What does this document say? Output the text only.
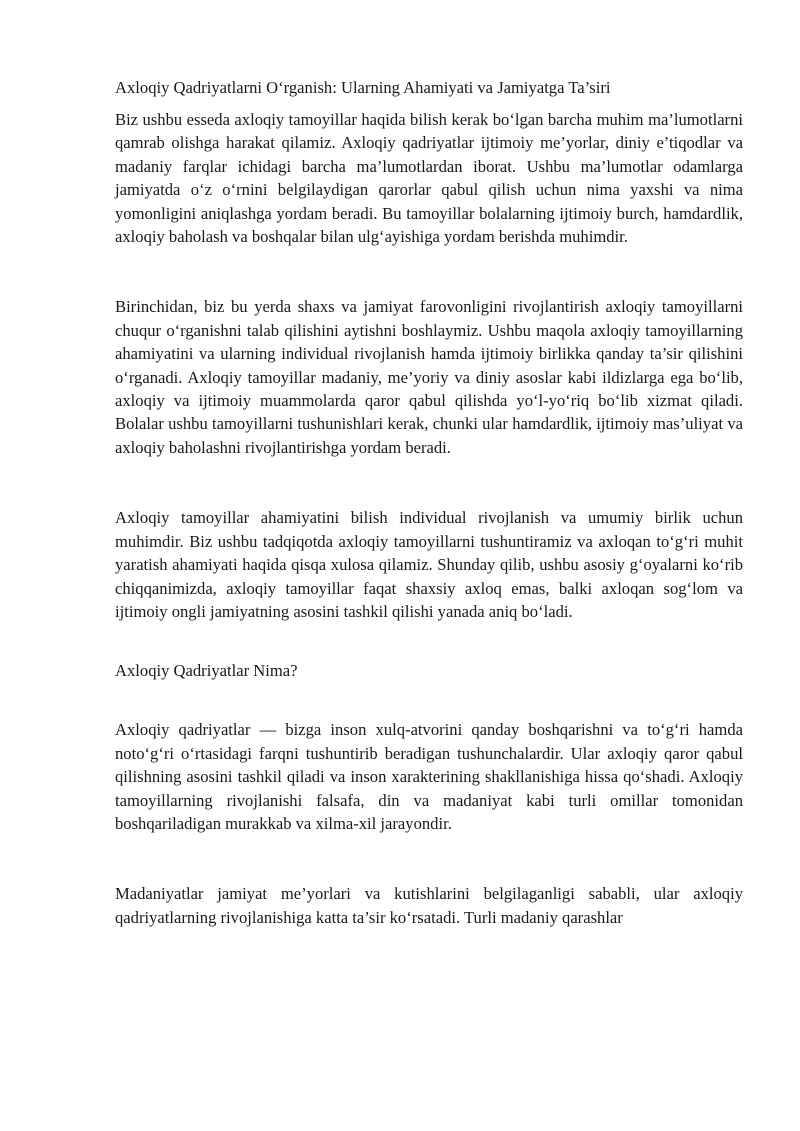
Axloqiy Qadriyatlarni O‘rganish: Ularning Ahamiyati va Jamiyatga Ta’siri

Biz ushbu esseda axloqiy tamoyillar haqida bilish kerak bo‘lgan barcha muhim ma’lumotlarni qamrab olishga harakat qilamiz. Axloqiy qadriyatlar ijtimoiy me’yorlar, diniy e’tiqodlar va madaniy farqlar ichidagi barcha ma’lumotlardan iborat. Ushbu ma’lumotlar odamlarga jamiyatda o‘z o‘rnini belgilaydigan qarorlar qabul qilish uchun nima yaxshi va nima yomonligini aniqlashga yordam beradi. Bu tamoyillar bolalarning ijtimoiy burch, hamdardlik, axloqiy baholash va boshqalar bilan ulg‘ayishiga yordam berishda muhimdir.

Birinchidan, biz bu yerda shaxs va jamiyat farovonligini rivojlantirish axloqiy tamoyillarni chuqur o‘rganishni talab qilishini aytishni boshlaymiz. Ushbu maqola axloqiy tamoyillarning ahamiyatini va ularning individual rivojlanish hamda ijtimoiy birlikka qanday ta’sir qilishini o‘rganadi. Axloqiy tamoyillar madaniy, me’yoriy va diniy asoslar kabi ildizlarga ega bo‘lib, axloqiy va ijtimoiy muammolarda qaror qabul qilishda yo‘l-yo‘riq bo‘lib xizmat qiladi. Bolalar ushbu tamoyillarni tushunishlari kerak, chunki ular hamdardlik, ijtimoiy mas’uliyat va axloqiy baholashni rivojlantirishga yordam beradi.

Axloqiy tamoyillar ahamiyatini bilish individual rivojlanish va umumiy birlik uchun muhimdir. Biz ushbu tadqiqotda axloqiy tamoyillarni tushuntiramiz va axloqan to‘g‘ri muhit yaratish ahamiyati haqida qisqa xulosa qilamiz. Shunday qilib, ushbu asosiy g‘oyalarni ko‘rib chiqqanimizda, axloqiy tamoyillar faqat shaxsiy axloq emas, balki axloqan sog‘lom va ijtimoiy ongli jamiyatning asosini tashkil qilishi yanada aniq bo‘ladi.

Axloqiy Qadriyatlar Nima?

Axloqiy qadriyatlar — bizga inson xulq-atvorini qanday boshqarishni va to‘g‘ri hamda noto‘g‘ri o‘rtasidagi farqni tushuntirib beradigan tushunchalardir. Ular axloqiy qaror qabul qilishning asosini tashkil qiladi va inson xarakterining shakllanishiga hissa qo‘shadi. Axloqiy tamoyillarning rivojlanishi falsafa, din va madaniyat kabi turli omillar tomonidan boshqariladigan murakkab va xilma-xil jarayondir.

Madaniyatlar jamiyat me’yorlari va kutishlarini belgilaganligi sababli, ular axloqiy qadriyatlarning rivojlanishiga katta ta’sir ko‘rsatadi. Turli madaniy qarashlar
